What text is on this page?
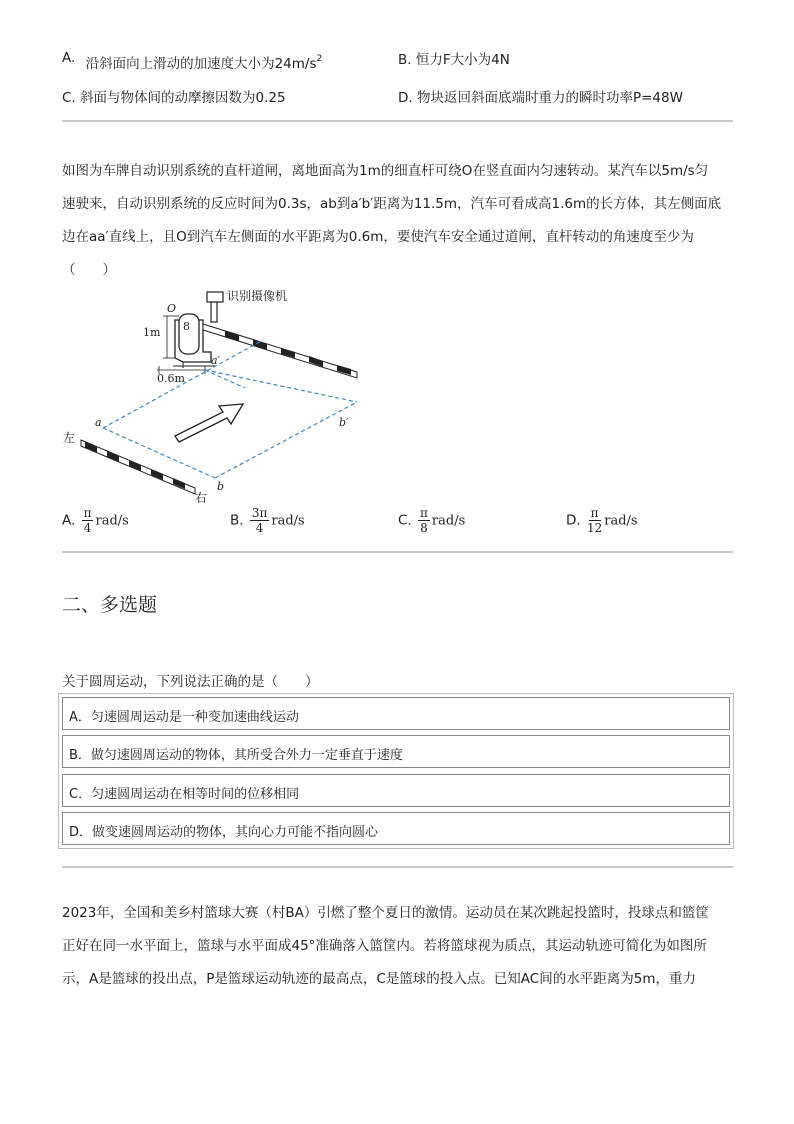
A. 沿斜面向上滑动的加速度大小为$24m/s^2$	B. 恒力F大小为4N
C. 斜面与物体间的动摩擦因数为0.25	D. 物块返回斜面底端时重力的瞬时功率P=48W
如图为车牌自动识别系统的直杆道闸，离地面高为1m的细直杆可绕O在竖直面内匀速转动。某汽车以5m/s匀
速驶来，自动识别系统的反应时间为0.3s，ab到a′b′距离为11.5m，汽车可看成高1.6m的长方体，其左侧面底
边在aa′直线上，且O到汽车左侧面的水平距离为0.6m，要使汽车安全通过道闸，直杆转动的角速度至少为
（　　）
识别摄像机
O
8
1m
0.6m
a′
a	b′
b
左
右
A. $\frac{\pi}{4} rad/s$	B. $\frac{3\pi}{4} rad/s$	C. $\frac{\pi}{8} rad/s$	D. $\frac{\pi}{12} rad/s$
二、多选题
关于圆周运动，下列说法正确的是（　　）
A．匀速圆周运动是一种变加速曲线运动
B．做匀速圆周运动的物体，其所受合外力一定垂直于速度
C．匀速圆周运动在相等时间的位移相同
D．做变速圆周运动的物体，其向心力可能不指向圆心
2023年，全国和美乡村篮球大赛（村BA）引燃了整个夏日的激情。运动员在某次跳起投篮时，投球点和篮筐
正好在同一水平面上，篮球与水平面成45°准确落入篮筐内。若将篮球视为质点，其运动轨迹可简化为如图所
示，A是篮球的投出点，P是篮球运动轨迹的最高点，C是篮球的投入点。已知AC间的水平距离为5m，重力
